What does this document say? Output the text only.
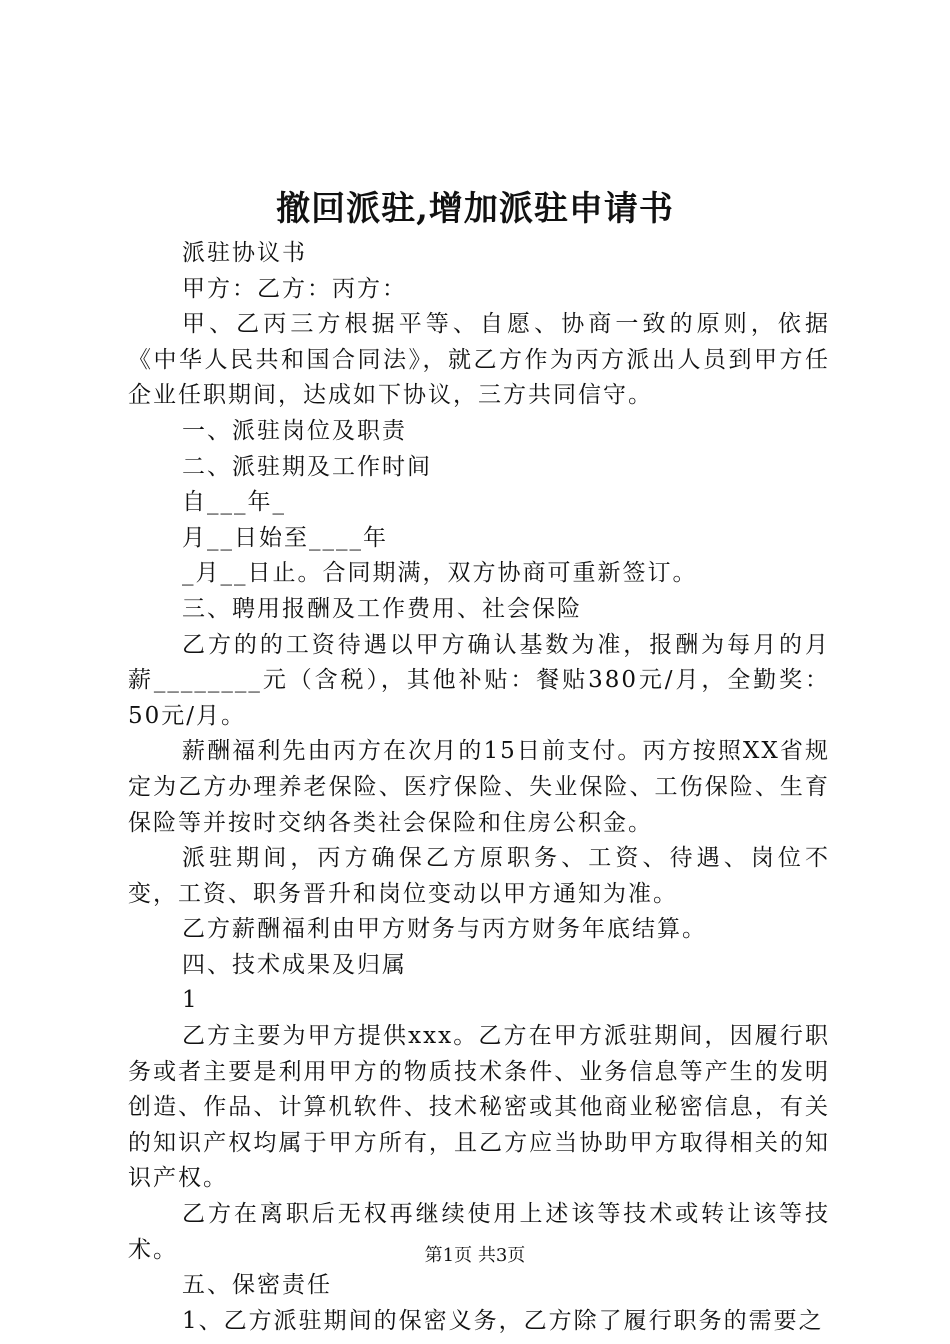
撤回派驻,增加派驻申请书

派驻协议书

甲方：乙方：丙方：

甲、乙丙三方根据平等、自愿、协商一致的原则，依据《中华人民共和国合同法》，就乙方作为丙方派出人员到甲方任企业任职期间，达成如下协议，三方共同信守。

一、派驻岗位及职责

二、派驻期及工作时间

自___年_

月__日始至____年

_月__日止。合同期满，双方协商可重新签订。

三、聘用报酬及工作费用、社会保险

乙方的的工资待遇以甲方确认基数为准，报酬为每月的月薪________元（含税），其他补贴：餐贴380元/月，全勤奖：50元/月。

薪酬福利先由丙方在次月的15日前支付。丙方按照XX省规定为乙方办理养老保险、医疗保险、失业保险、工伤保险、生育保险等并按时交纳各类社会保险和住房公积金。

派驻期间，丙方确保乙方原职务、工资、待遇、岗位不变，工资、职务晋升和岗位变动以甲方通知为准。

乙方薪酬福利由甲方财务与丙方财务年底结算。

四、技术成果及归属

1

乙方主要为甲方提供xxx。乙方在甲方派驻期间，因履行职务或者主要是利用甲方的物质技术条件、业务信息等产生的发明创造、作品、计算机软件、技术秘密或其他商业秘密信息，有关的知识产权均属于甲方所有，且乙方应当协助甲方取得相关的知识产权。

乙方在离职后无权再继续使用上述该等技术或转让该等技术。

五、保密责任

1、乙方派驻期间的保密义务，乙方除了履行职务的需要之

第1页 共3页
